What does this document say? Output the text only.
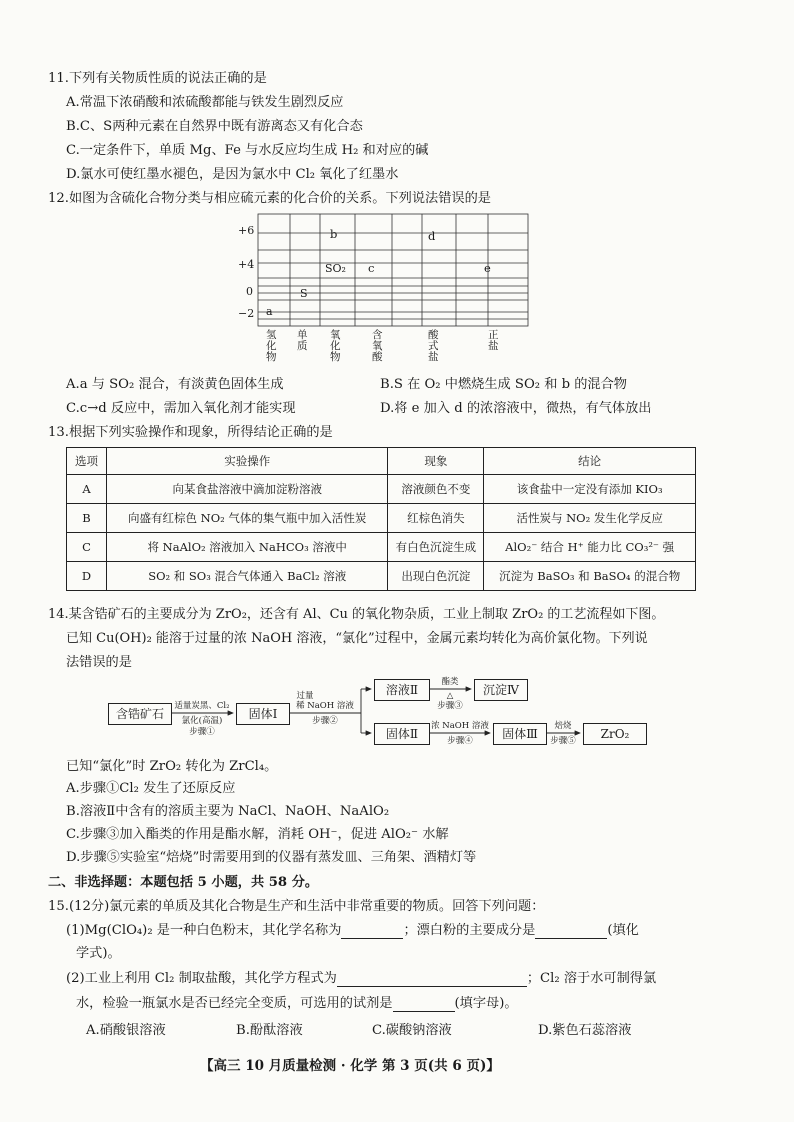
11.下列有关物质性质的说法正确的是
A.常温下浓硝酸和浓硫酸都能与铁发生剧烈反应
B.C、S两种元素在自然界中既有游离态又有化合态
C.一定条件下，单质 Mg、Fe 与水反应均生成 H₂ 和对应的碱
D.氯水可使红墨水褪色，是因为氯水中 Cl₂ 氧化了红墨水
12.如图为含硫化合物分类与相应硫元素的化合价的关系。下列说法错误的是
+6
+4
0
−2
b	d
SO₂ c	e
S
a
氢化物
单质
氧化物
含氧酸
酸式盐
正盐
A.a 与 SO₂ 混合，有淡黄色固体生成	B.S 在 O₂ 中燃烧生成 SO₂ 和 b 的混合物
C.c→d 反应中，需加入氧化剂才能实现	D.将 e 加入 d 的浓溶液中，微热，有气体放出
13.根据下列实验操作和现象，所得结论正确的是
选项	实验操作	现象	结论
A	向某食盐溶液中滴加淀粉溶液	溶液颜色不变	该食盐中一定没有添加 KIO₃
B	向盛有红棕色 NO₂ 气体的集气瓶中加入活性炭	红棕色消失	活性炭与 NO₂ 发生化学反应
C	将 NaAlO₂ 溶液加入 NaHCO₃ 溶液中	有白色沉淀生成	AlO₂⁻ 结合 H⁺ 能力比 CO₃²⁻ 强
D	SO₂ 和 SO₃ 混合气体通入 BaCl₂ 溶液	出现白色沉淀	沉淀为 BaSO₃ 和 BaSO₄ 的混合物
14.某含锆矿石的主要成分为 ZrO₂，还含有 Al、Cu 的氧化物杂质，工业上制取 ZrO₂ 的工艺流程如下图。
已知 Cu(OH)₂ 能溶于过量的浓 NaOH 溶液，“氯化”过程中，金属元素均转化为高价氯化物。下列说
法错误的是
含锆矿石	固体Ⅰ
溶液Ⅱ	沉淀Ⅳ
固体Ⅱ	固体Ⅲ	ZrO₂
适量炭黑、Cl₂
氯化(高温)
步骤①
过量
稀 NaOH 溶液
步骤②
酯类
△
步骤③
浓 NaOH 溶液
步骤④
焙烧
步骤⑤
已知“氯化”时 ZrO₂ 转化为 ZrCl₄。
A.步骤①Cl₂ 发生了还原反应
B.溶液Ⅱ中含有的溶质主要为 NaCl、NaOH、NaAlO₂
C.步骤③加入酯类的作用是酯水解，消耗 OH⁻，促进 AlO₂⁻ 水解
D.步骤⑤实验室“焙烧”时需要用到的仪器有蒸发皿、三角架、酒精灯等
二、非选择题：本题包括 5 小题，共 58 分。
15.(12分)氯元素的单质及其化合物是生产和生活中非常重要的物质。回答下列问题：
(1)Mg(ClO₄)₂ 是一种白色粉末，其化学名称为	；漂白粉的主要成分是	(填化
学式)。
(2)工业上利用 Cl₂ 制取盐酸，其化学方程式为	；Cl₂ 溶于水可制得氯
水，检验一瓶氯水是否已经完全变质，可选用的试剂是	(填字母)。
A.硝酸银溶液	B.酚酞溶液	C.碳酸钠溶液	D.紫色石蕊溶液
【高三 10 月质量检测 · 化学 第 3 页(共 6 页)】
